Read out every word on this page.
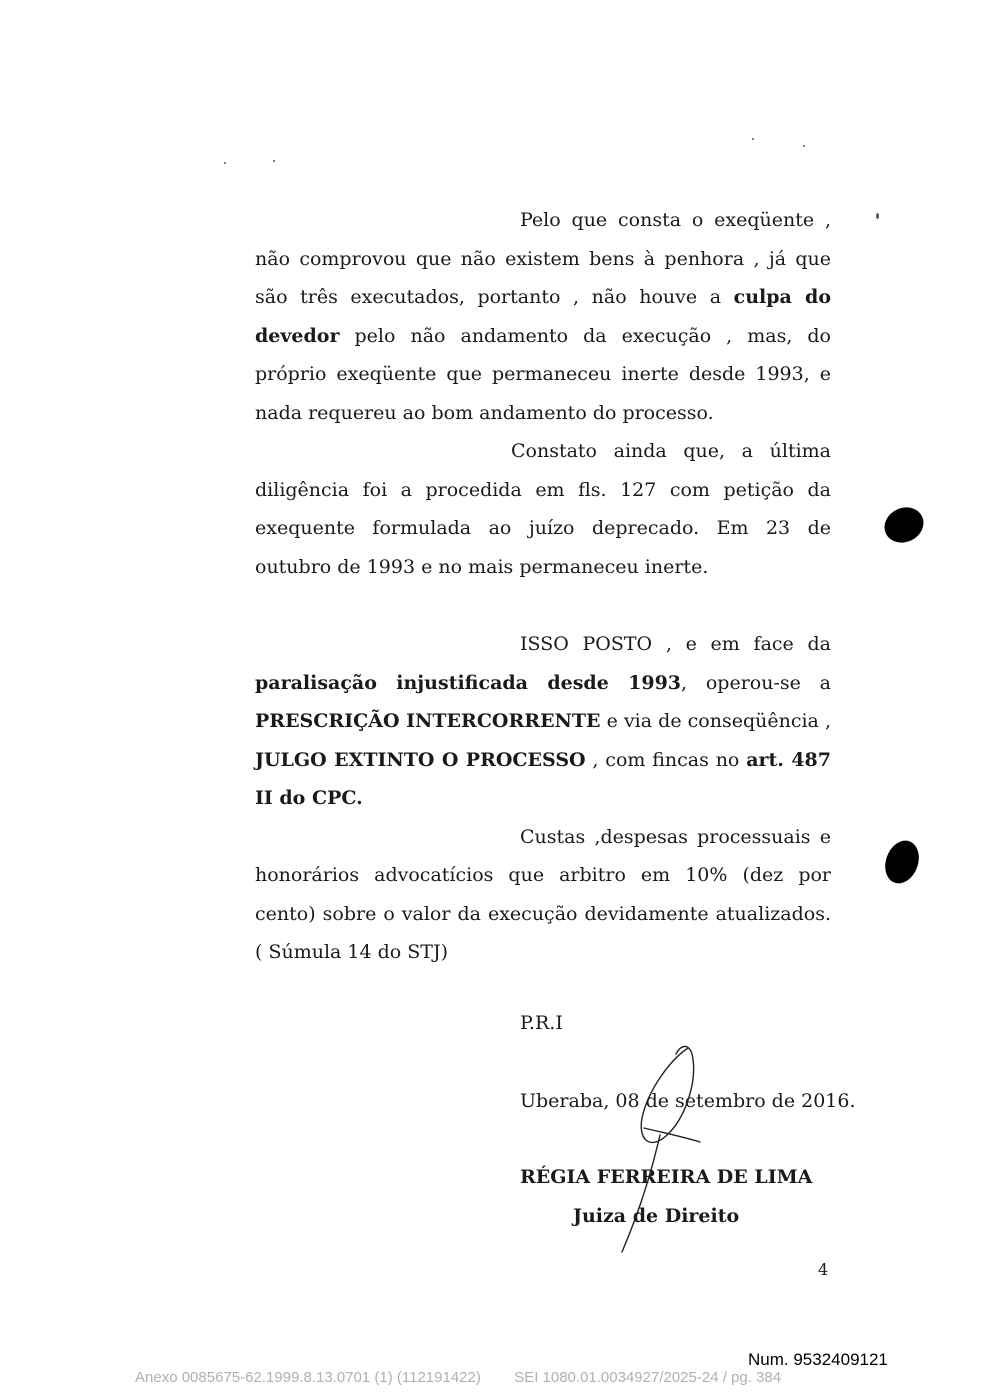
Pelo que consta o exeqüente , não comprovou que não existem bens à penhora , já que são três executados, portanto , não houve a culpa do devedor pelo não andamento da execução , mas, do próprio exeqüente que permaneceu inerte desde 1993, e nada requereu ao bom andamento do processo.

Constato ainda que, a última diligência foi a procedida em fls. 127 com petição da exequente formulada ao juízo deprecado. Em 23 de outubro de 1993 e no mais permaneceu inerte.

ISSO POSTO , e em face da paralisação injustificada desde 1993, operou-se a PRESCRIÇÃO INTERCORRENTE e via de conseqüência , JULGO EXTINTO O PROCESSO , com fincas no art. 487 II do CPC.

Custas ,despesas processuais e honorários advocatícios que arbitro em 10% (dez por cento) sobre o valor da execução devidamente atualizados.( Súmula 14 do STJ)

P.R.I
Uberaba, 08 de setembro de 2016.
RÉGIA FERREIRA DE LIMA
Juiza de Direito
4
Num. 9532409121
Anexo 0085675-62.1999.8.13.0701 (1) (112191422) SEI 1080.01.0034927/2025-24 / pg. 384
